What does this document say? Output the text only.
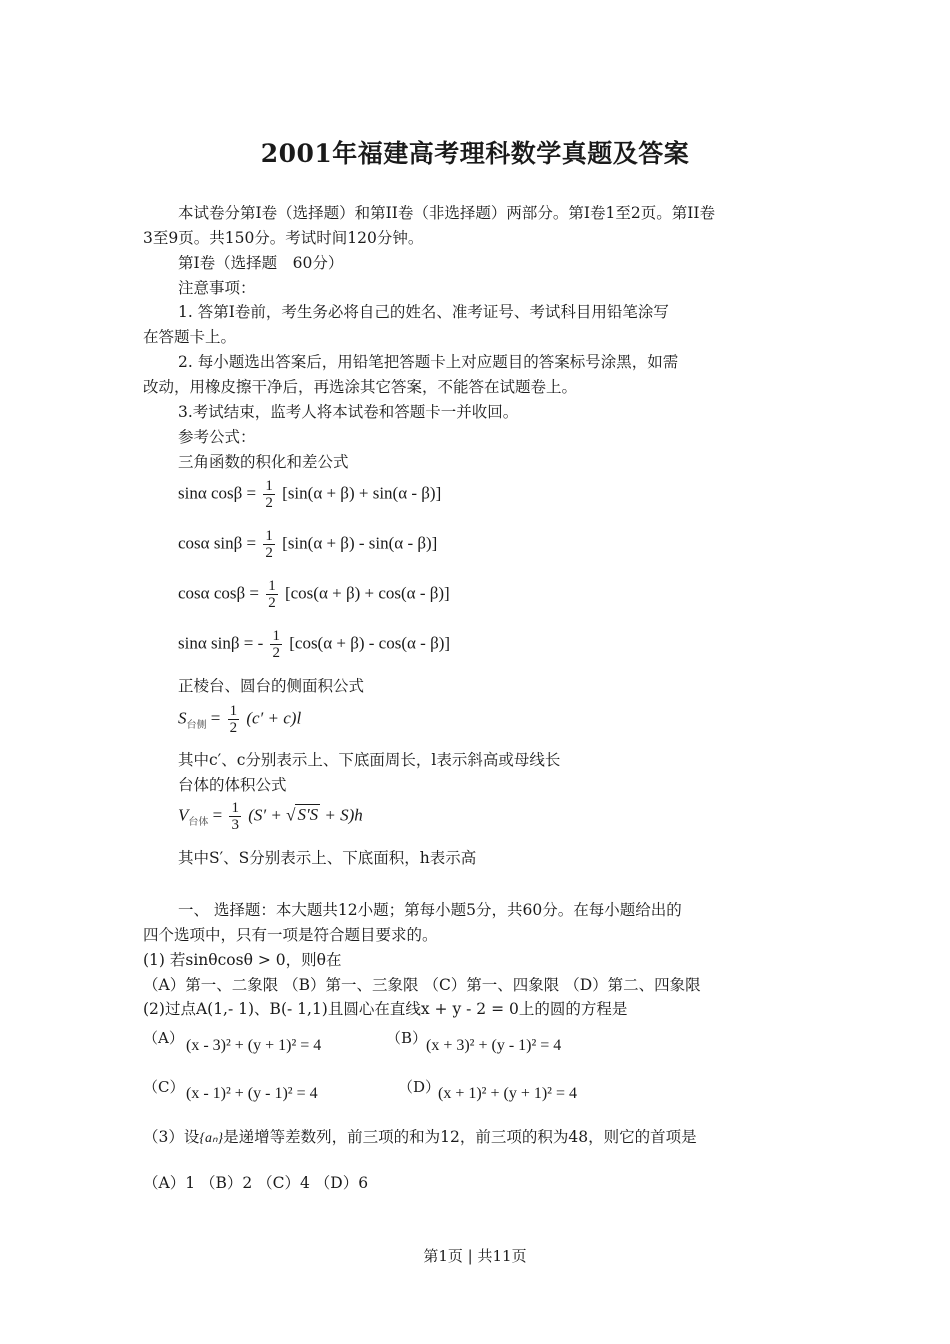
2001年福建高考理科数学真题及答案
本试卷分第I卷（选择题）和第II卷（非选择题）两部分。第I卷1至2页。第II卷
3至9页。共150分。考试时间120分钟。
第I卷（选择题　60分）
注意事项：
1. 答第I卷前，考生务必将自己的姓名、准考证号、考试科目用铅笔涂写
在答题卡上。
2. 每小题选出答案后，用铅笔把答题卡上对应题目的答案标号涂黑，如需
改动，用橡皮擦干净后，再选涂其它答案，不能答在试题卷上。
3.考试结束，监考人将本试卷和答题卡一并收回。
参考公式：
三角函数的积化和差公式
sinα $\cos\beta = \frac{1}{2} [\sin(\alpha + \beta) + \sin(\alpha - \beta)]$
cosα $\sin\beta = \frac{1}{2} [\sin(\alpha + \beta) - \sin(\alpha - \beta)]$
cosα $\cos\beta = \frac{1}{2} [\cos(\alpha + \beta) + \cos(\alpha - \beta)]$
sinα sinβ = - $\frac{1}{2} [\cos(\alpha + \beta) - \cos(\alpha - \beta)]$
正棱台、圆台的侧面积公式
$S_{台侧} = \frac{1}{2} (c' + c)l$
其中c′、c分别表示上、下底面周长，l表示斜高或母线长
台体的体积公式
$V_{台体} = \frac{1}{3} (S'$ + √ S′S + S)h
其中S′、S分别表示上、下底面积，h表示高
一、 选择题：本大题共12小题；第每小题5分，共60分。在每小题给出的
四个选项中，只有一项是符合题目要求的。
(1) 若sinθcosθ > 0，则θ在
（A）第一、二象限 （B）第一、三象限 （C）第一、四象限 （D）第二、四象限
(2)过点A(1,- 1)、B(- 1,1)且圆心在直线x + y - 2 = 0上的圆的方程是
（A） (x - 3)² + (y + 1)² = 4	（B）
(x + 3)² + (y - 1)² = 4
（C） (x - 1)² + (y - 1)² = 4	（D）
(x + 1)² + (y + 1)² = 4
（3）设{aₙ}是递增等差数列，前三项的和为12，前三项的积为48，则它的首项是
（A）1 （B）2 （C）4 （D）6
第1页 | 共11页
